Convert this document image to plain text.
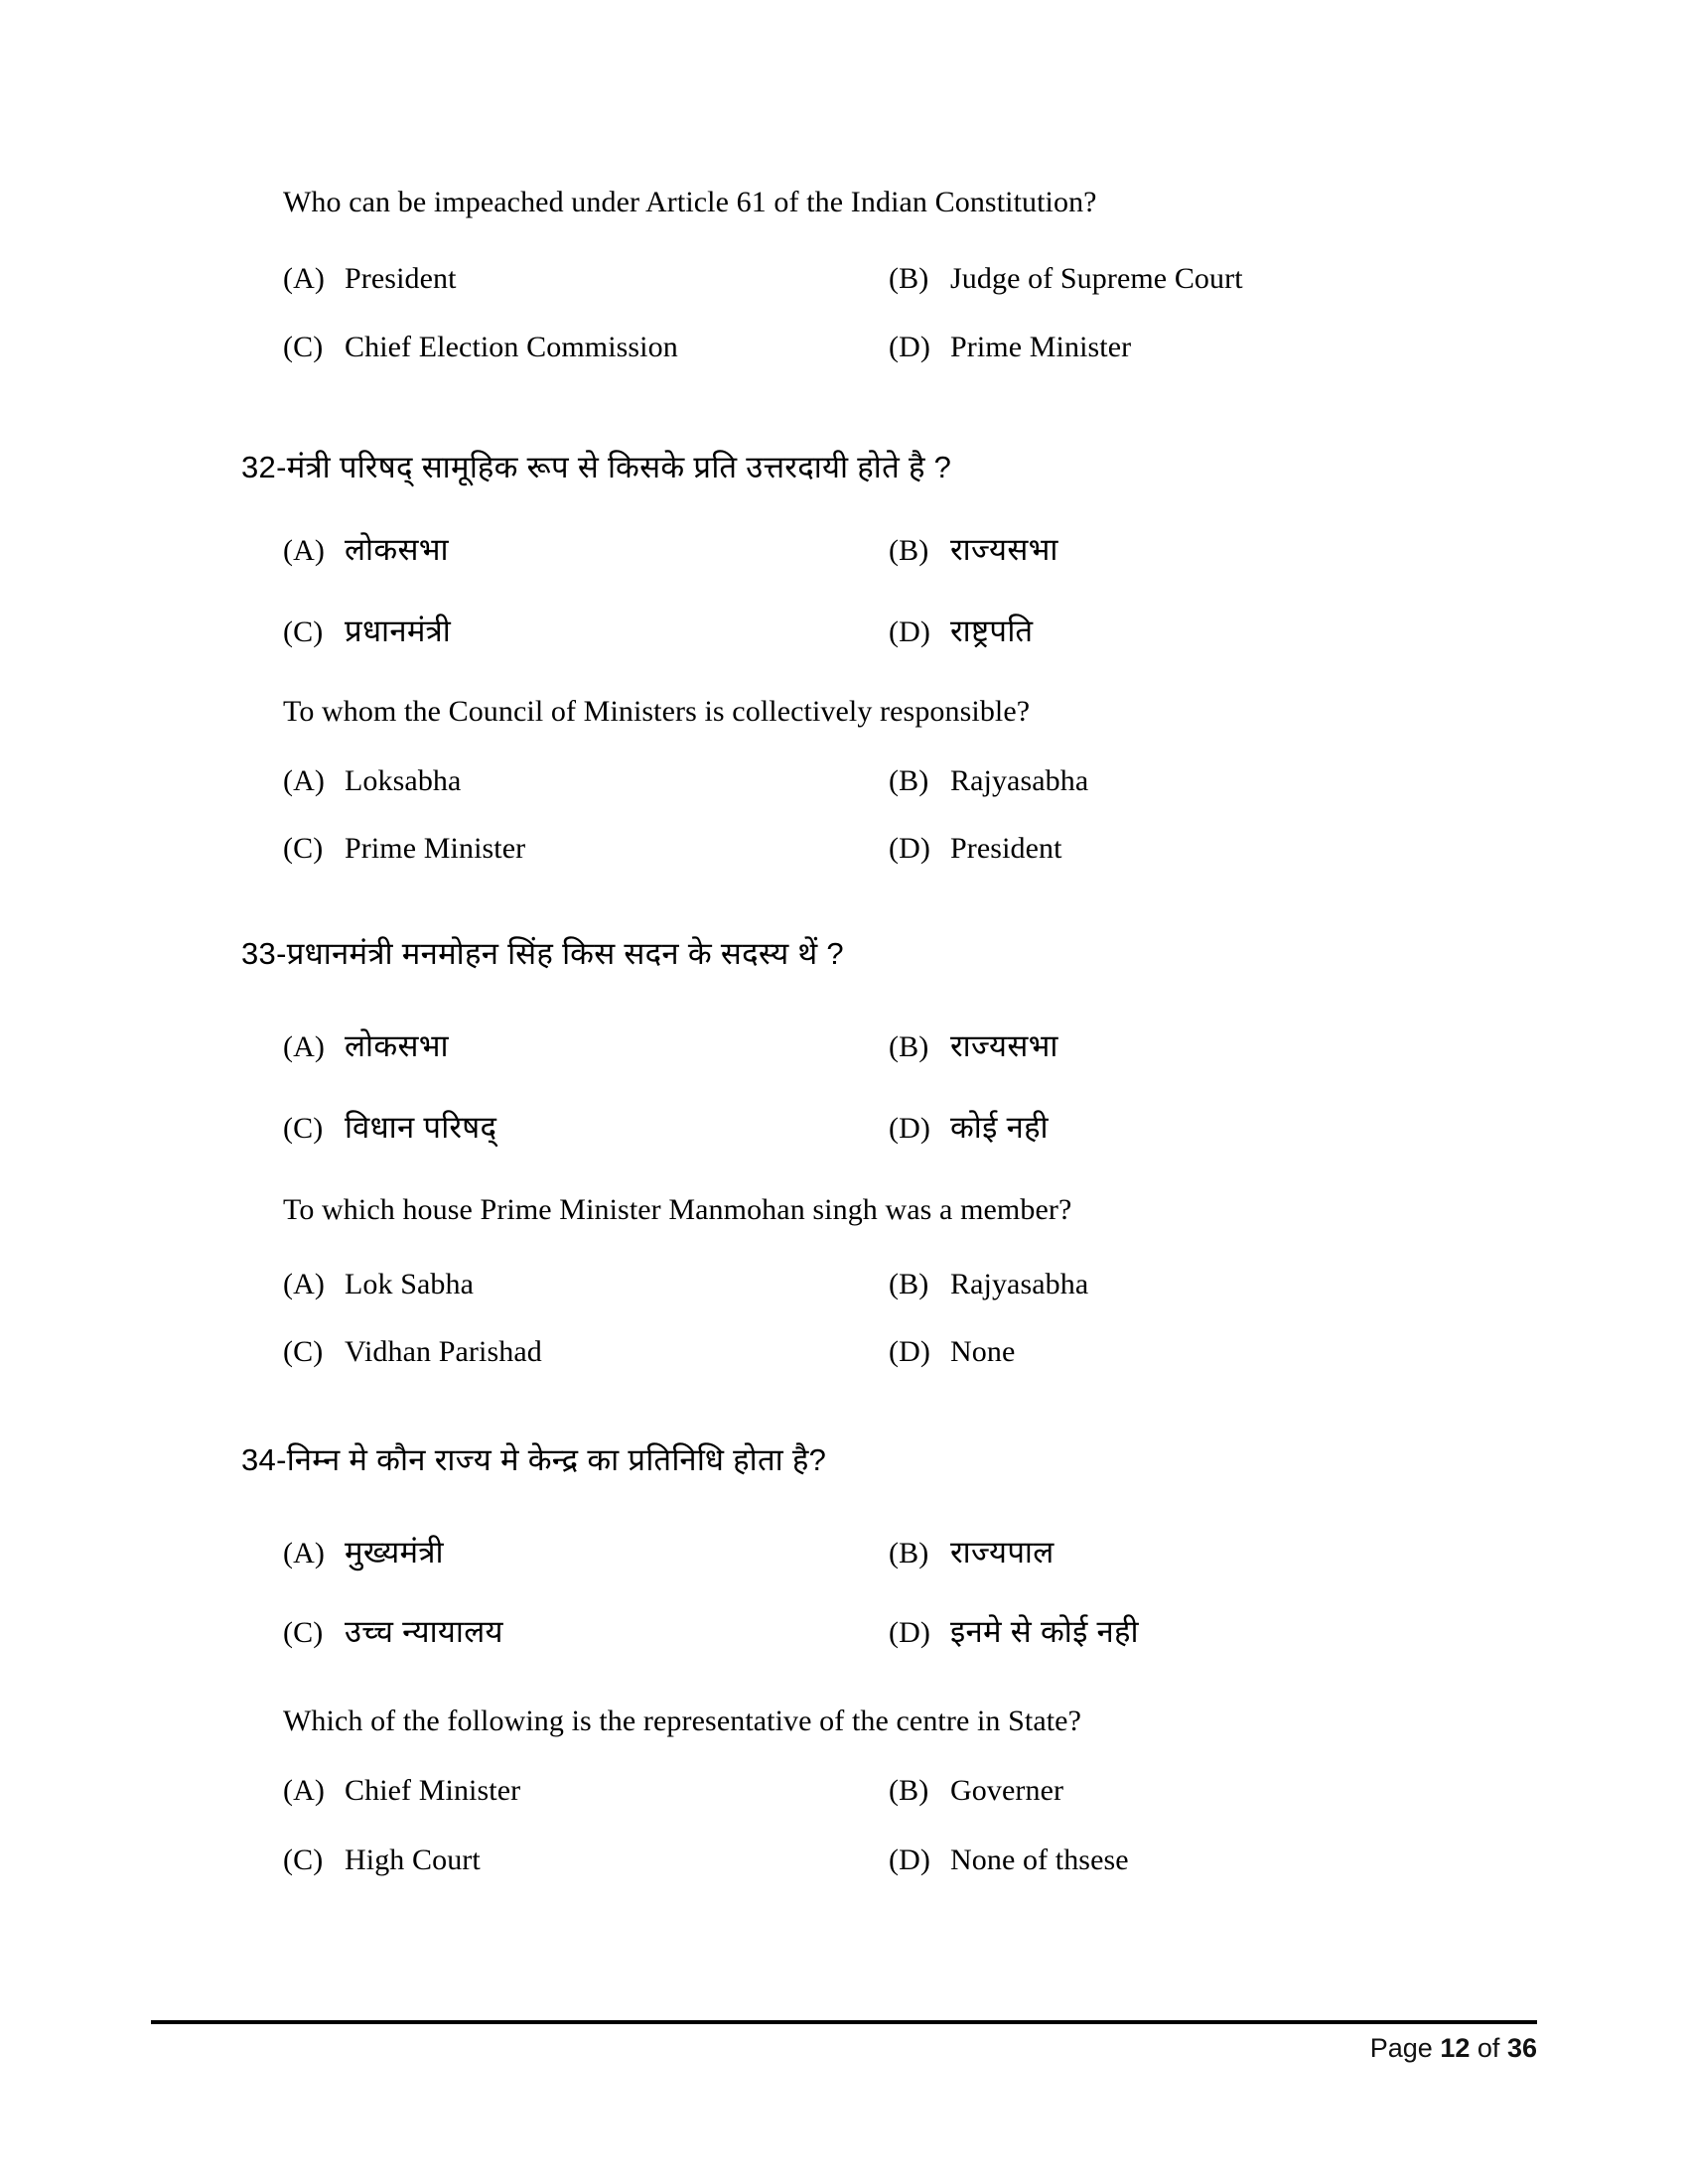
Who can be impeached under Article 61 of the Indian Constitution?
(A) President	(B) Judge of Supreme Court
(C) Chief Election Commission	(D) Prime Minister
32-मंत्री परिषद् सामूहिक रूप से किसके प्रति उत्तरदायी होते है ?
(A) लोकसभा	(B) राज्यसभा
(C) प्रधानमंत्री	(D) राष्ट्रपति
To whom the Council of Ministers is collectively responsible?
(A) Loksabha	(B) Rajyasabha
(C) Prime Minister	(D) President
33-प्रधानमंत्री मनमोहन सिंह किस सदन के सदस्य थें ?
(A) लोकसभा	(B) राज्यसभा
(C) विधान परिषद्	(D) कोई नही
To which house Prime Minister Manmohan singh was a member?
(A) Lok Sabha	(B) Rajyasabha
(C) Vidhan Parishad	(D) None
34-निम्न मे कौन राज्य मे केन्द्र का प्रतिनिधि होता है?
(A) मुख्यमंत्री	(B) राज्यपाल
(C) उच्च न्यायालय	(D) इनमे से कोई नही
Which of the following is the representative of the centre in State?
(A) Chief Minister	(B) Governer
(C) High Court	(D) None of thsese
Page 12 of 36
